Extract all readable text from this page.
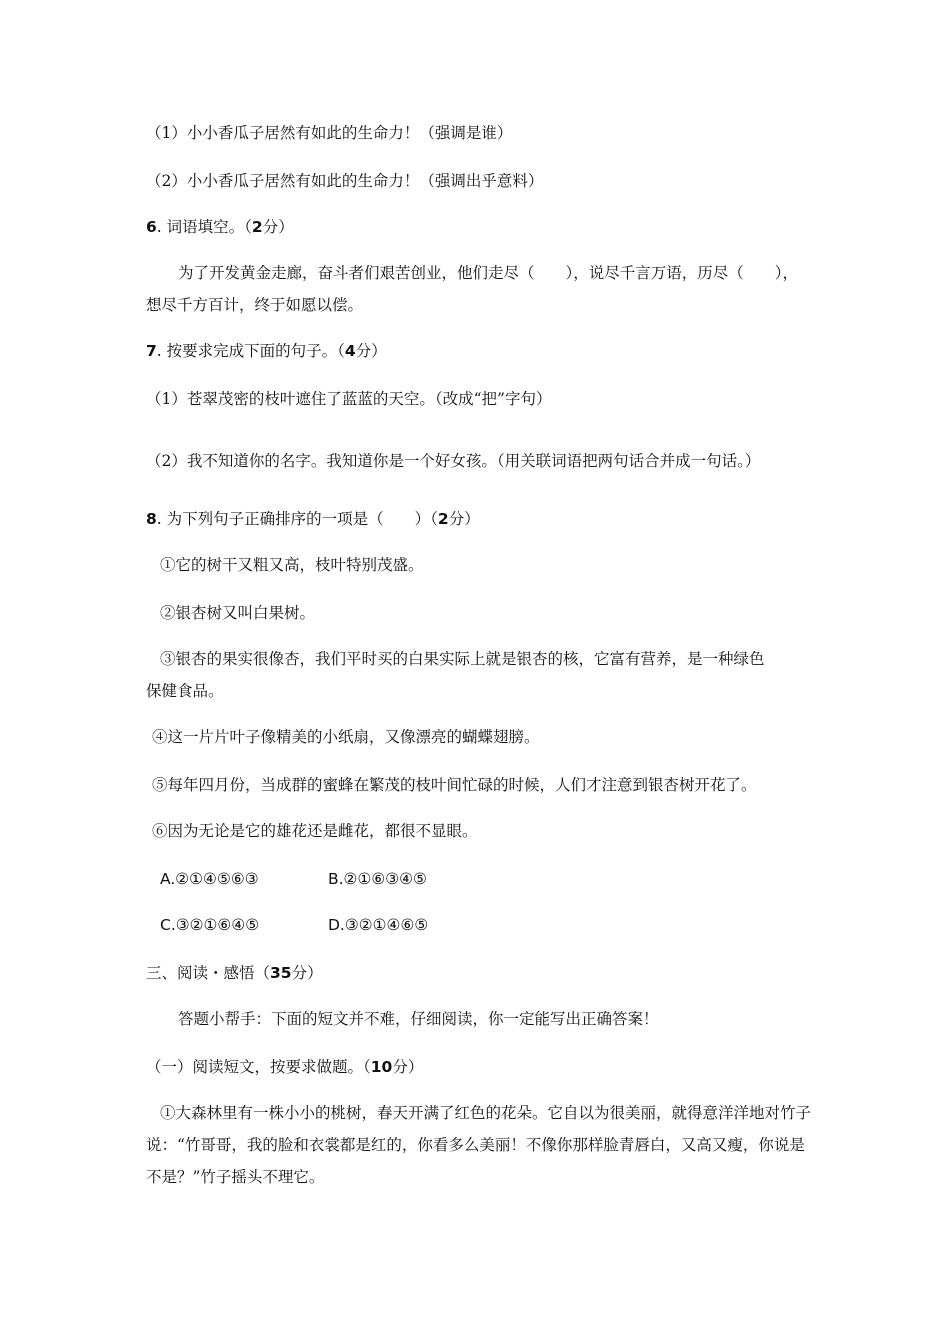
（1）小小香瓜子居然有如此的生命力！（强调是谁）
（2）小小香瓜子居然有如此的生命力！（强调出乎意料）
6. 词语填空。（2分）
为了开发黄金走廊，奋斗者们艰苦创业，他们走尽（　　），说尽千言万语，历尽（　　），
想尽千方百计，终于如愿以偿。
7. 按要求完成下面的句子。（4分）
（1）苍翠茂密的枝叶遮住了蓝蓝的天空。（改成“把”字句）
（2）我不知道你的名字。我知道你是一个好女孩。（用关联词语把两句话合并成一句话。）
8. 为下列句子正确排序的一项是（　　）（2分）
①它的树干又粗又高，枝叶特别茂盛。
②银杏树又叫白果树。
③银杏的果实很像杏，我们平时买的白果实际上就是银杏的核，它富有营养，是一种绿色
保健食品。
④这一片片叶子像精美的小纸扇，又像漂亮的蝴蝶翅膀。
⑤每年四月份，当成群的蜜蜂在繁茂的枝叶间忙碌的时候，人们才注意到银杏树开花了。
⑥因为无论是它的雄花还是雌花，都很不显眼。
A.②①④⑤⑥③	B.②①⑥③④⑤
C.③②①⑥④⑤	D.③②①④⑥⑤
三、阅读・感悟（35分）
答题小帮手：下面的短文并不难，仔细阅读，你一定能写出正确答案！
（一）阅读短文，按要求做题。（10分）
①大森林里有一株小小的桃树，春天开满了红色的花朵。它自以为很美丽，就得意洋洋地对竹子说：“竹哥哥，我的脸和衣裳都是红的，你看多么美丽！不像你那样脸青唇白，又高又瘦，你说是不是？”竹子摇头不理它。
